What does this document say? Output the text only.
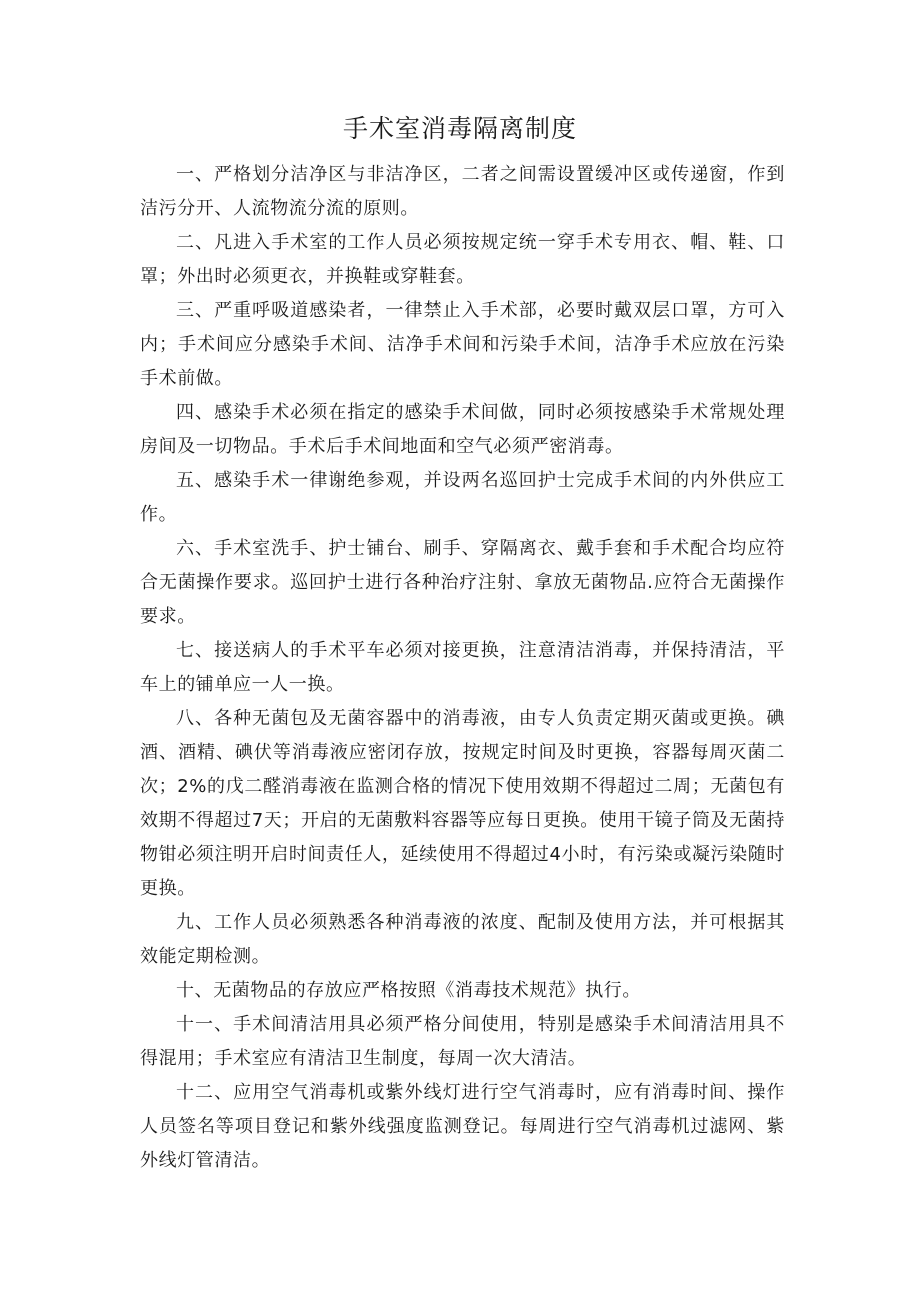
手术室消毒隔离制度

一、严格划分洁净区与非洁净区，二者之间需设置缓冲区或传递窗，作到洁污分开、人流物流分流的原则。

二、凡进入手术室的工作人员必须按规定统一穿手术专用衣、帽、鞋、口罩；外出时必须更衣，并换鞋或穿鞋套。

三、严重呼吸道感染者，一律禁止入手术部，必要时戴双层口罩，方可入内；手术间应分感染手术间、洁净手术间和污染手术间，洁净手术应放在污染手术前做。

四、感染手术必须在指定的感染手术间做，同时必须按感染手术常规处理房间及一切物品。手术后手术间地面和空气必须严密消毒。

五、感染手术一律谢绝参观，并设两名巡回护士完成手术间的内外供应工作。

六、手术室洗手、护士铺台、刷手、穿隔离衣、戴手套和手术配合均应符合无菌操作要求。巡回护士进行各种治疗注射、拿放无菌物品.应符合无菌操作要求。

七、接送病人的手术平车必须对接更换，注意清洁消毒，并保持清洁，平车上的铺单应一人一换。

八、各种无菌包及无菌容器中的消毒液，由专人负责定期灭菌或更换。碘酒、酒精、碘伏等消毒液应密闭存放，按规定时间及时更换，容器每周灭菌二次；2%的戊二醛消毒液在监测合格的情况下使用效期不得超过二周；无菌包有效期不得超过7天；开启的无菌敷料容器等应每日更换。使用干镜子筒及无菌持物钳必须注明开启时间责任人，延续使用不得超过4小时，有污染或凝污染随时更换。

九、工作人员必须熟悉各种消毒液的浓度、配制及使用方法，并可根据其效能定期检测。

十、无菌物品的存放应严格按照《消毒技术规范》执行。

十一、手术间清洁用具必须严格分间使用，特别是感染手术间清洁用具不得混用；手术室应有清洁卫生制度，每周一次大清洁。

十二、应用空气消毒机或紫外线灯进行空气消毒时，应有消毒时间、操作人员签名等项目登记和紫外线强度监测登记。每周进行空气消毒机过滤网、紫外线灯管清洁。
